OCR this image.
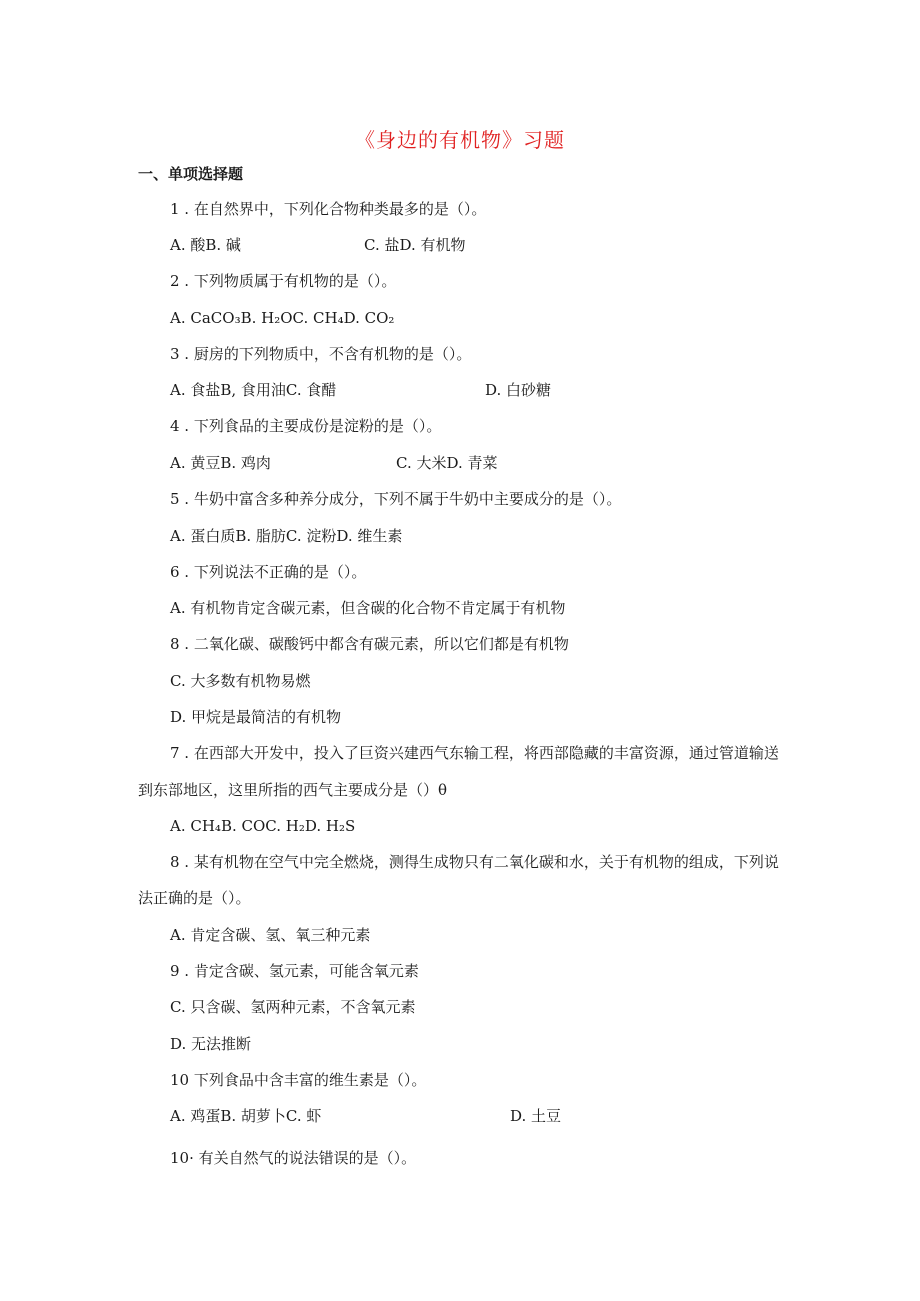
《身边的有机物》习题
一、单项选择题
1 . 在自然界中，下列化合物种类最多的是（）。
A. 酸B. 碱	C. 盐D. 有机物
2 . 下列物质属于有机物的是（）。
A. CaCO₃B. H₂OC. CH₄D. CO₂
3 . 厨房的下列物质中，不含有机物的是（）。
A. 食盐B, 食用油C. 食醋	D. 白砂糖
4 . 下列食品的主要成份是淀粉的是（）。
A. 黄豆B. 鸡肉	C. 大米D. 青菜
5 . 牛奶中富含多种养分成分，下列不属于牛奶中主要成分的是（）。
A. 蛋白质B. 脂肪C. 淀粉D. 维生素
6 . 下列说法不正确的是（）。
A. 有机物肯定含碳元素，但含碳的化合物不肯定属于有机物
8 . 二氧化碳、碳酸钙中都含有碳元素，所以它们都是有机物
C. 大多数有机物易燃
D. 甲烷是最简洁的有机物
7 . 在西部大开发中，投入了巨资兴建西气东输工程，将西部隐藏的丰富资源，通过管道输送
到东部地区，这里所指的西气主要成分是（）θ
A. CH₄B. COC. H₂D. H₂S
8 . 某有机物在空气中完全燃烧，测得生成物只有二氧化碳和水，关于有机物的组成，下列说
法正确的是（）。
A. 肯定含碳、氢、氧三种元素
9 . 肯定含碳、氢元素，可能含氧元素
C. 只含碳、氢两种元素，不含氧元素
D. 无法推断
10 下列食品中含丰富的维生素是（）。
A. 鸡蛋B. 胡萝卜C. 虾	D. 土豆
10· 有关自然气的说法错误的是（）。
